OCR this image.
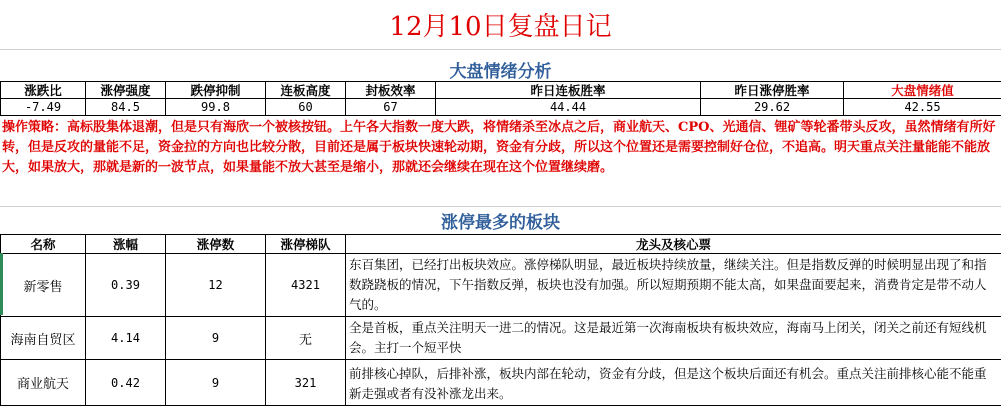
12月10日复盘日记
大盘情绪分析
涨跌比	涨停强度	跌停抑制	连板高度	封板效率	昨日连板胜率	昨日涨停胜率	大盘情绪值
-7.49	84.5	99.8	60	67	44.44	29.62	42.55
操作策略：高标股集体退潮，但是只有海欣一个被核按钮。上午各大指数一度大跌，将情绪杀至冰点之后，商业航天、CPO、光通信、锂矿等轮番带头反攻，虽然情绪有所好转，但是反攻的量能不足，资金拉的方向也比较分散，目前还是属于板块快速轮动期，资金有分歧，所以这个位置还是需要控制好仓位，不追高。明天重点关注量能能不能放大，如果放大，那就是新的一波节点，如果量能不放大甚至是缩小，那就还会继续在现在这个位置继续磨。
涨停最多的板块
名称	涨幅	涨停数	涨停梯队	龙头及核心票
新零售	0.39	12	4321	东百集团，已经打出板块效应。涨停梯队明显，最近板块持续放量，继续关注。但是指数反弹的时候明显出现了和指数跷跷板的情况，下午指数反弹，板块也没有加强。所以短期预期不能太高，如果盘面要起来，消费肯定是带不动人气的。
海南自贸区	4.14	9	无	全是首板，重点关注明天一进二的情况。这是最近第一次海南板块有板块效应，海南马上闭关，闭关之前还有短线机会。主打一个短平快
商业航天	0.42	9	321	前排核心掉队，后排补涨，板块内部在轮动，资金有分歧，但是这个板块后面还有机会。重点关注前排核心能不能重新走强或者有没补涨龙出来。
